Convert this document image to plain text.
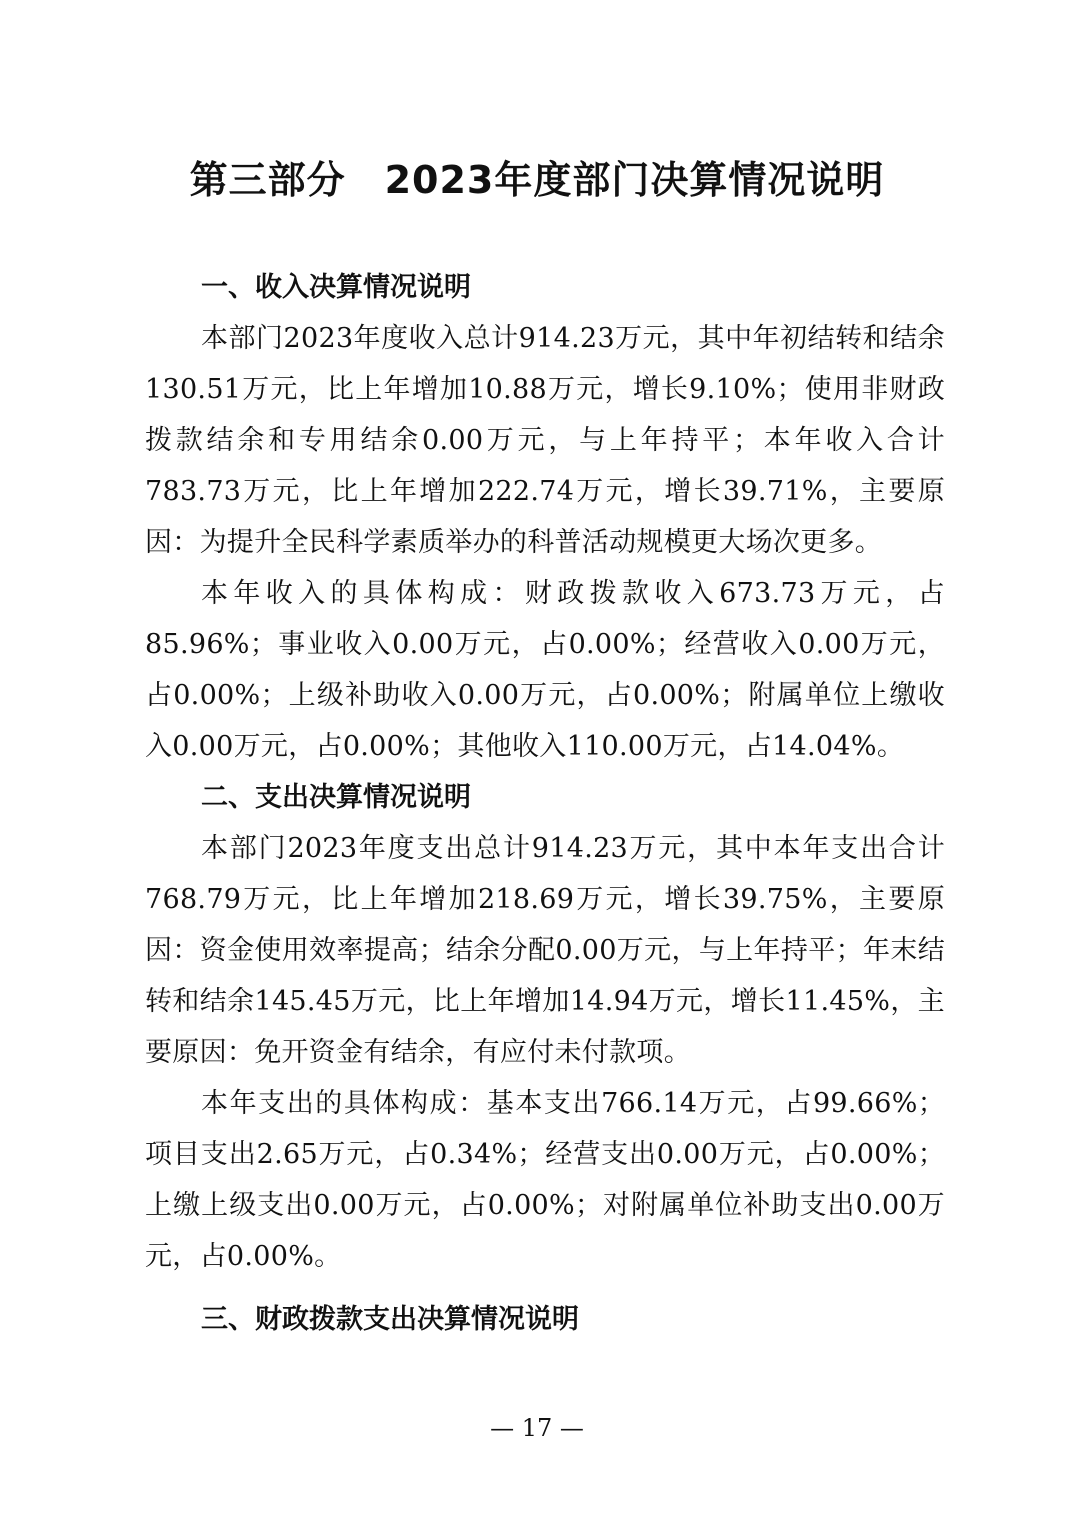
第三部分　2023年度部门决算情况说明
一、收入决算情况说明

本部门2023年度收入总计914.23万元，其中年初结转和结余130.51万元，比上年增加10.88万元，增长9.10%；使用非财政拨款结余和专用结余0.00万元，与上年持平；本年收入合计783.73万元，比上年增加222.74万元，增长39.71%，主要原因：为提升全民科学素质举办的科普活动规模更大场次更多。

本年收入的具体构成：财政拨款收入673.73万元，占85.96%；事业收入0.00万元，占0.00%；经营收入0.00万元，占0.00%；上级补助收入0.00万元，占0.00%；附属单位上缴收入0.00万元，占0.00%；其他收入110.00万元，占14.04%。

二、支出决算情况说明

本部门2023年度支出总计914.23万元，其中本年支出合计768.79万元，比上年增加218.69万元，增长39.75%，主要原因：资金使用效率提高；结余分配0.00万元，与上年持平；年末结转和结余145.45万元，比上年增加14.94万元，增长11.45%，主要原因：免开资金有结余，有应付未付款项。

本年支出的具体构成：基本支出766.14万元，占99.66%；项目支出2.65万元，占0.34%；经营支出0.00万元，占0.00%；上缴上级支出0.00万元，占0.00%；对附属单位补助支出0.00万元，占0.00%。

三、财政拨款支出决算情况说明
— 17 —
